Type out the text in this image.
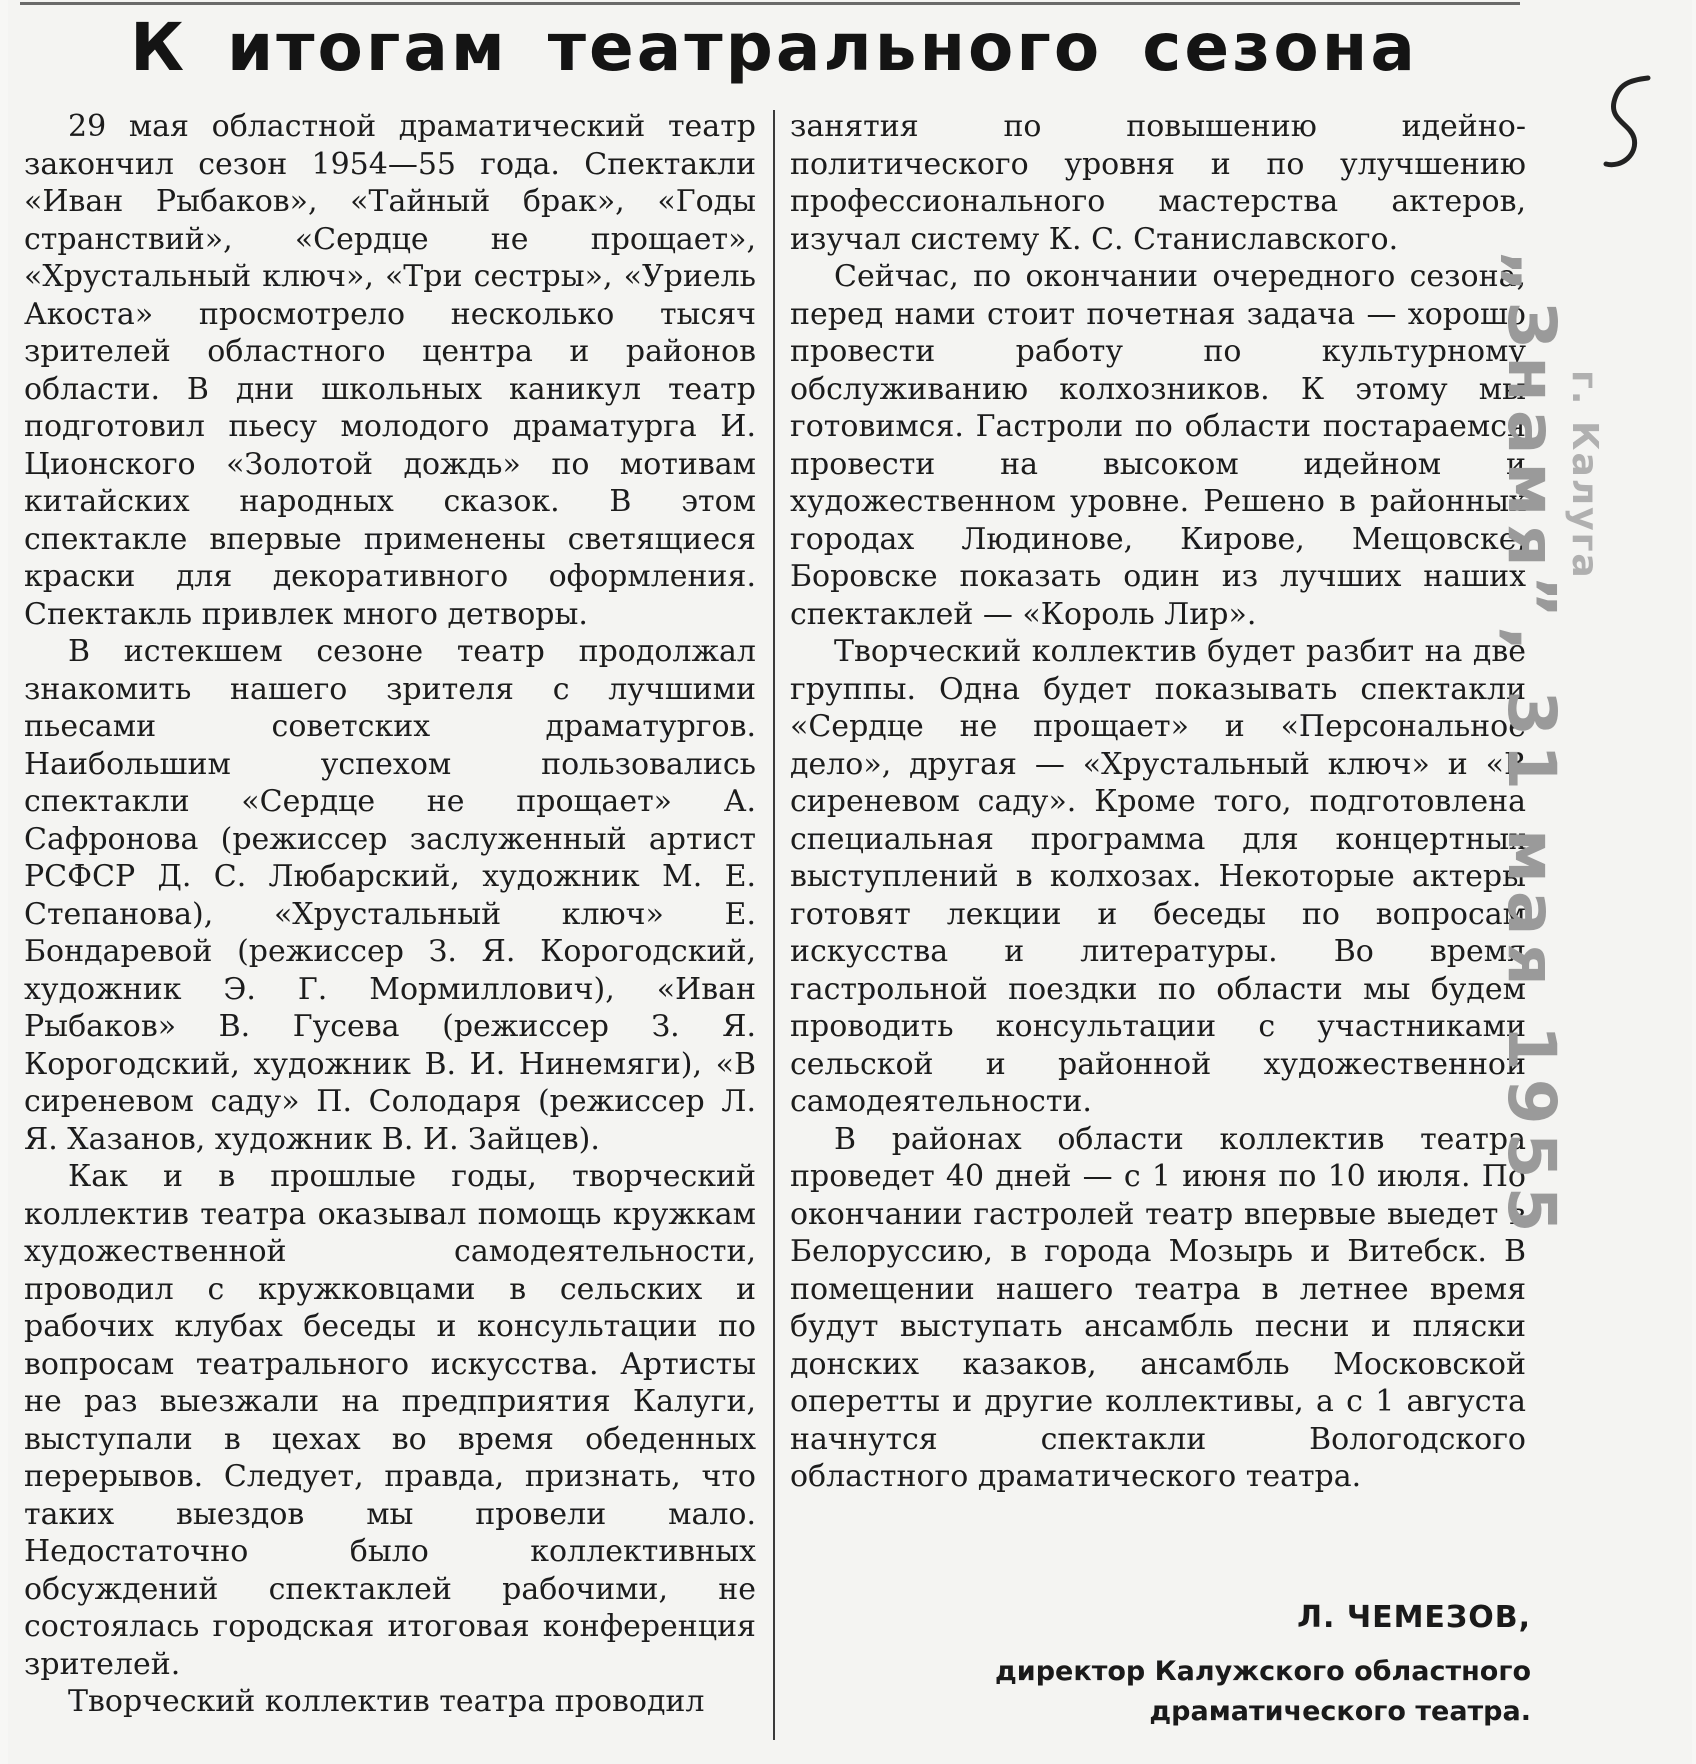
К итогам театрального сезона

29 мая областной драматический театр закончил сезон 1954—55 года. Спектакли «Иван Рыбаков», «Тайный брак», «Годы странствий», «Сердце не прощает», «Хрустальный ключ», «Три сестры», «Уриель Акоста» просмотрело несколько тысяч зрителей областного центра и районов области. В дни школьных каникул театр подготовил пьесу молодого драматурга И. Ционского «Золотой дождь» по мотивам китайских народных сказок. В этом спектакле впервые применены светящиеся краски для декоративного оформления. Спектакль привлек много детворы.

В истекшем сезоне театр продолжал знакомить нашего зрителя с лучшими пьесами советских драматургов. Наибольшим успехом пользовались спектакли «Сердце не прощает» А. Сафронова (режиссер заслуженный артист РСФСР Д. С. Любарский, художник М. Е. Степанова), «Хрустальный ключ» Е. Бондаревой (режиссер З. Я. Корогодский, художник Э. Г. Мормиллович), «Иван Рыбаков» В. Гусева (режиссер З. Я. Корогодский, художник В. И. Нинемяги), «В сиреневом саду» П. Солодаря (режиссер Л. Я. Хазанов, художник В. И. Зайцев).

Как и в прошлые годы, творческий коллектив театра оказывал помощь кружкам художественной самодеятельности, проводил с кружковцами в сельских и рабочих клубах беседы и консультации по вопросам театрального искусства. Артисты не раз выезжали на предприятия Калуги, выступали в цехах во время обеденных перерывов. Следует, правда, признать, что таких выездов мы провели мало. Недостаточно было коллективных обсуждений спектаклей рабочими, не состоялась городская итоговая конференция зрителей.

Творческий коллектив театра проводил

занятия по повышению идейно-политического уровня и по улучшению профессионального мастерства актеров, изучал систему К. С. Станиславского.

Сейчас, по окончании очередного сезона, перед нами стоит почетная задача — хорошо провести работу по культурному обслуживанию колхозников. К этому мы готовимся. Гастроли по области постараемся провести на высоком идейном и художественном уровне. Решено в районных городах Людинове, Кирове, Мещовске, Боровске показать один из лучших наших спектаклей — «Король Лир».

Творческий коллектив будет разбит на две группы. Одна будет показывать спектакли «Сердце не прощает» и «Персональное дело», другая — «Хрустальный ключ» и «В сиреневом саду». Кроме того, подготовлена специальная программа для концертных выступлений в колхозах. Некоторые актеры готовят лекции и беседы по вопросам искусства и литературы. Во время гастрольной поездки по области мы будем проводить консультации с участниками сельской и районной художественной самодеятельности.

В районах области коллектив театра проведет 40 дней — с 1 июня по 10 июля. По окончании гастролей театр впервые выедет в Белоруссию, в города Мозырь и Витебск. В помещении нашего театра в летнее время будут выступать ансамбль песни и пляски донских казаков, ансамбль Московской оперетты и другие коллективы, а с 1 августа начнутся спектакли Вологодского областного драматического театра.

Л. ЧЕМЕЗОВ,
директор Калужского областного драматического театра.
„Знамя”, 31 мая 1955
г. Калуга
